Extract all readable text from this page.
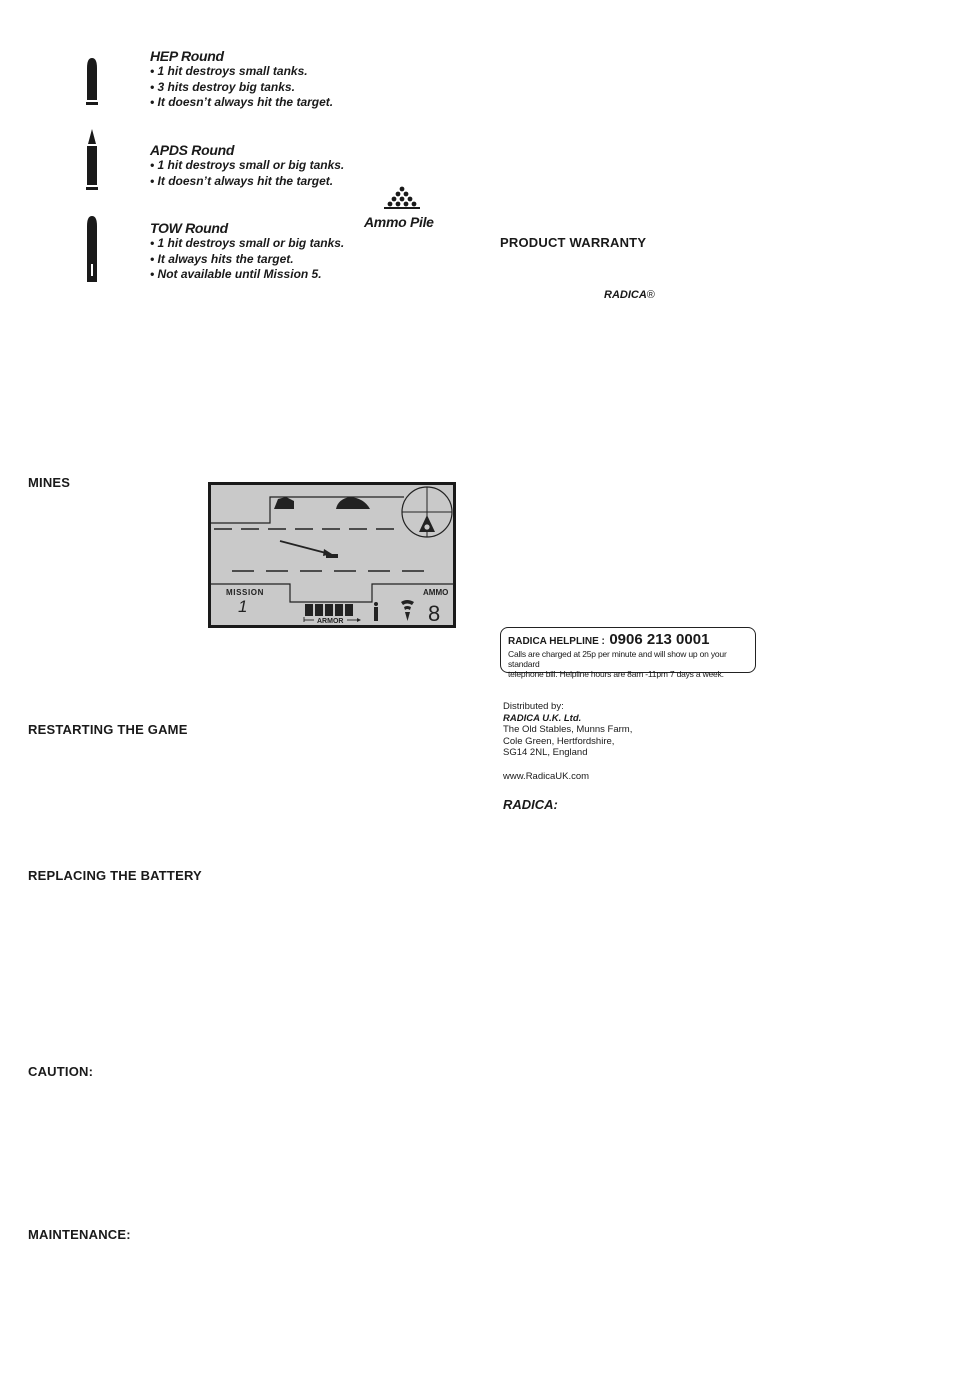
HEP Round
• 1 hit destroys small tanks.
• 3 hits destroy big tanks.
• It doesn’t always hit the target.
APDS Round
• 1 hit destroys small or big tanks.
• It doesn’t always hit the target.
TOW Round
• 1 hit destroys small or big tanks.
• It always hits the target.
• Not available until Mission 5.
Ammo Pile
PRODUCT WARRANTY
RADICA®
MINES
RESTARTING THE GAME
REPLACING THE BATTERY
CAUTION:
MAINTENANCE:
MISSION
1
ARMOR
AMMO
8
RADICA HELPLINE : 0906 213 0001
Calls are charged at 25p per minute and will show up on your standard
telephone bill. Helpline hours are 8am -11pm 7 days a week.
Distributed by:
RADICA U.K. Ltd.
The Old Stables, Munns Farm,
Cole Green, Hertfordshire,
SG14 2NL, England
www.RadicaUK.com
RADICA:
